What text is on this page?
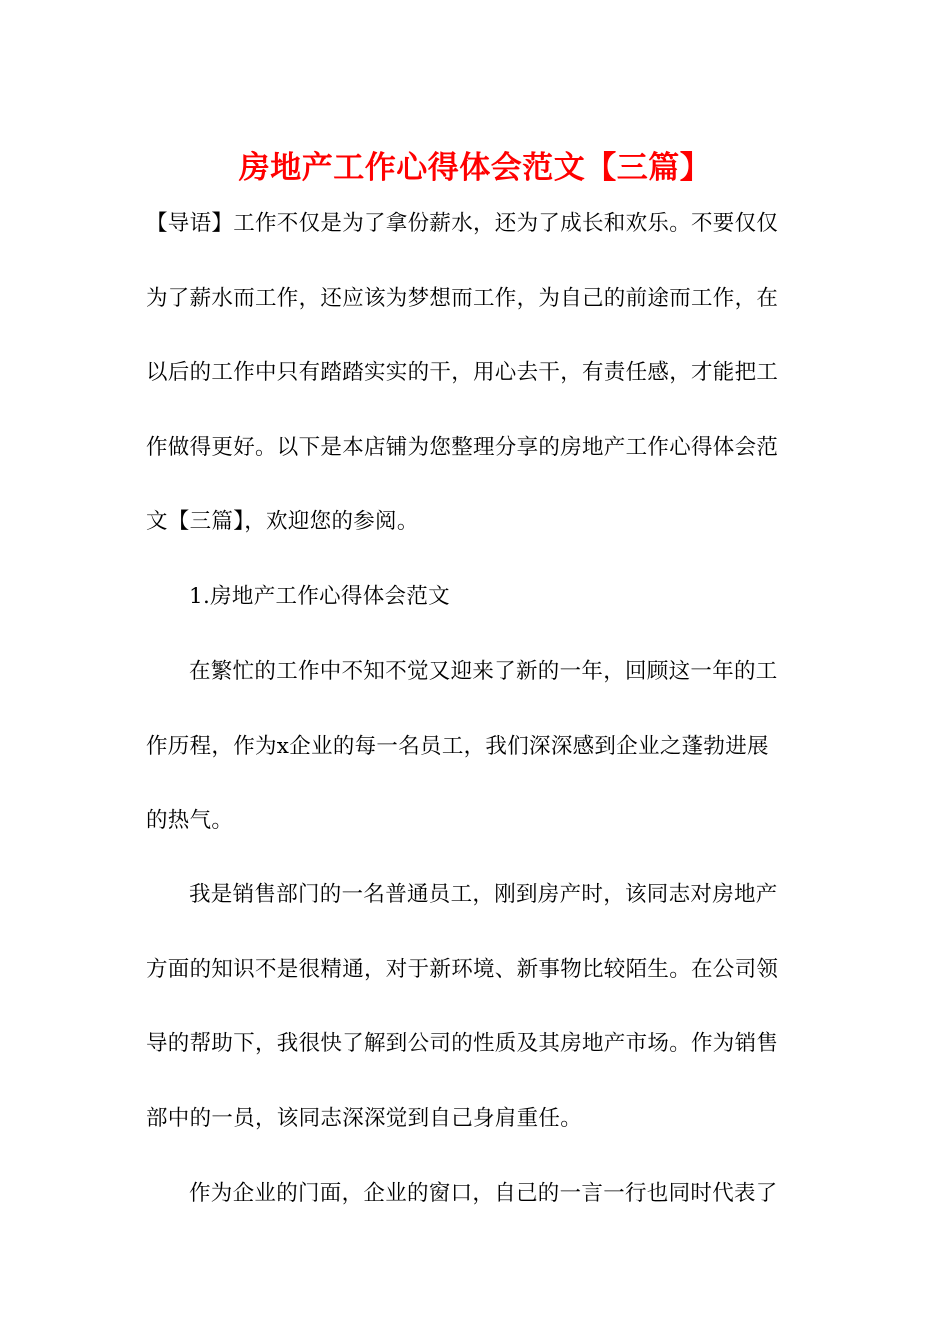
房地产工作心得体会范文【三篇】
【导语】工作不仅是为了拿份薪水，还为了成长和欢乐。不要仅仅
为了薪水而工作，还应该为梦想而工作，为自己的前途而工作，在
以后的工作中只有踏踏实实的干，用心去干，有责任感，才能把工
作做得更好。以下是本店铺为您整理分享的房地产工作心得体会范
文【三篇】，欢迎您的参阅。
1.房地产工作心得体会范文
在繁忙的工作中不知不觉又迎来了新的一年，回顾这一年的工
作历程，作为x企业的每一名员工，我们深深感到企业之蓬勃进展
的热气。
我是销售部门的一名普通员工，刚到房产时，该同志对房地产
方面的知识不是很精通，对于新环境、新事物比较陌生。在公司领
导的帮助下，我很快了解到公司的性质及其房地产市场。作为销售
部中的一员，该同志深深觉到自己身肩重任。
作为企业的门面，企业的窗口，自己的一言一行也同时代表了
